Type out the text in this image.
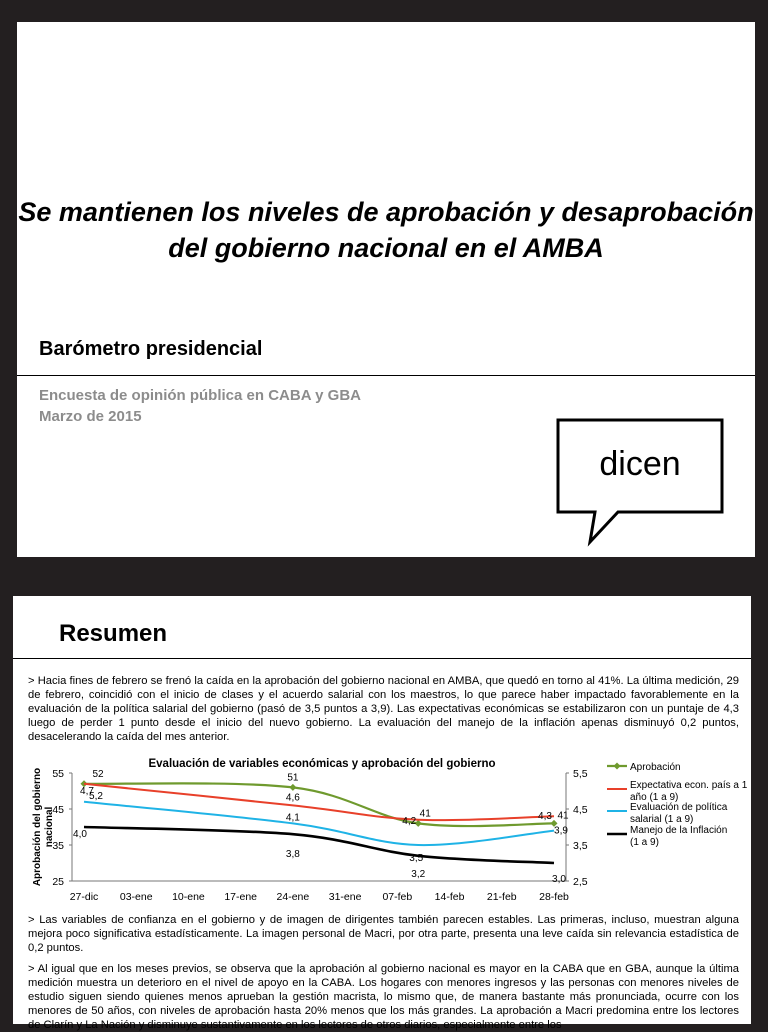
Se mantienen los niveles de aprobación y desaprobación del gobierno nacional en el AMBA
Barómetro presidencial
Encuesta de opinión pública en CABA y GBA
Marzo de 2015
dicen
Resumen
> Hacia fines de febrero se frenó la caída en la aprobación del gobierno nacional en AMBA, que quedó en torno al 41%. La última medición, 29 de febrero, coincidió con el inicio de clases y el acuerdo salarial con los maestros, lo que parece haber impactado favorablemente en la evaluación de la política salarial del gobierno (pasó de 3,5 puntos a 3,9). Las expectativas económicas se estabilizaron con un puntaje de 4,3 luego de perder 1 punto desde el inicio del nuevo gobierno. La evaluación del manejo de la inflación apenas disminuyó 0,2 puntos, desacelerando la caída del mes anterior.
55
45
35
25
5,5
4,5
3,5
2,5
27-dic 03-ene 10-ene 17-ene 24-ene 31-ene 07-feb 14-feb 21-feb 28-feb
Evaluación de variables económicas y aprobación del gobierno
Aprobación del gobiernonacional
52	51
41	41
5,2	4,6
4,2	4,3
4,7
4,1
3,5
3,9
4,0
3,8
3,2	3,0
Aprobación
Expectativa econ. país a 1 año (1 a 9)
Evaluación de política salarial (1 a 9)
Manejo de la Inflación (1 a 9)
> Las variables de confianza en el gobierno y de imagen de dirigentes también parecen estables. Las primeras, incluso, muestran alguna mejora poco significativa estadísticamente. La imagen personal de Macri, por otra parte, presenta una leve caída sin relevancia estadística de 0,2 puntos.
> Al igual que en los meses previos, se observa que la aprobación al gobierno nacional es mayor en la CABA que en GBA, aunque la última medición muestra un deterioro en el nivel de apoyo en la CABA. Los hogares con menores ingresos y las personas con menores niveles de estudio siguen siendo quienes menos aprueban la gestión macrista, lo mismo que, de manera bastante más pronunciada, ocurre con los menores de 50 años, con niveles de aprobación hasta 20% menos que los más grandes. La aprobación a Macri predomina entre los lectores de Clarín y La Nación y disminuye sustantivamente en los lectores de otros diarios, especialmente entre los
